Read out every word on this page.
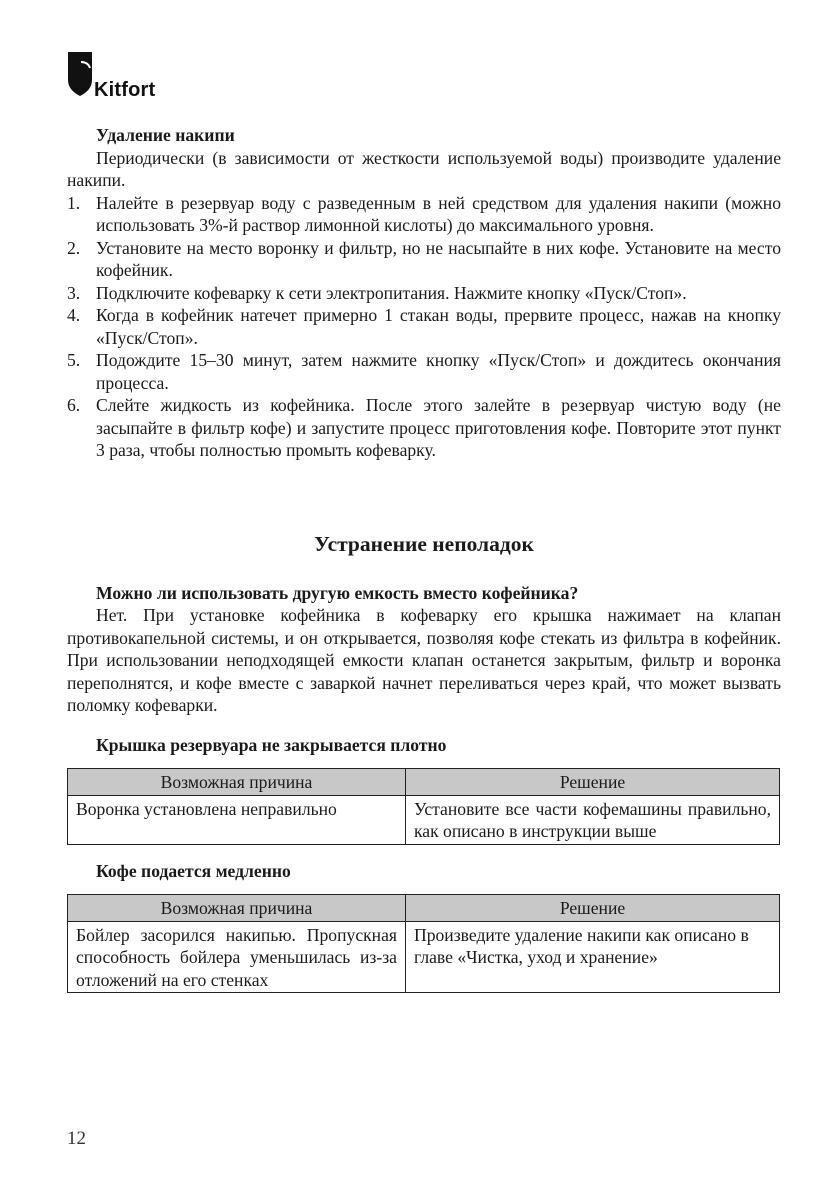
Kitfort

Удаление накипи

Периодически (в зависимости от жесткости используемой воды) производите удаление накипи.

1. Налейте в резервуар воду с разведенным в ней средством для удаления накипи (можно использовать 3%-й раствор лимонной кислоты) до максимального уровня.
2. Установите на место воронку и фильтр, но не насыпайте в них кофе. Установите на место кофейник.
3. Подключите кофеварку к сети электропитания. Нажмите кнопку «Пуск/Стоп».
4. Когда в кофейник натечет примерно 1 стакан воды, прервите процесс, нажав на кнопку «Пуск/Стоп».
5. Подождите 15–30 минут, затем нажмите кнопку «Пуск/Стоп» и дождитесь окончания процесса.
6. Слейте жидкость из кофейника. После этого залейте в резервуар чистую воду (не засыпайте в фильтр кофе) и запустите процесс приготовления кофе. Повторите этот пункт 3 раза, чтобы полностью промыть кофеварку.
Устранение неполадок

Можно ли использовать другую емкость вместо кофейника?

Нет. При установке кофейника в кофеварку его крышка нажимает на клапан противокапельной системы, и он открывается, позволяя кофе стекать из фильтра в кофейник. При использовании неподходящей емкости клапан останется закрытым, фильтр и воронка переполнятся, и кофе вместе с заваркой начнет переливаться через край, что может вызвать поломку кофеварки.

Крышка резервуара не закрывается плотно

Возможная причина	Решение
Воронка установлена неправильно	Установите все части кофемашины правильно, как описано в инструкции выше

Кофе подается медленно

Возможная причина	Решение
Бойлер засорился накипью. Пропускная способность бойлера уменьшилась из-за отложений на его стенках	Произведите удаление накипи как описано в главе «Чистка, уход и хранение»
12
